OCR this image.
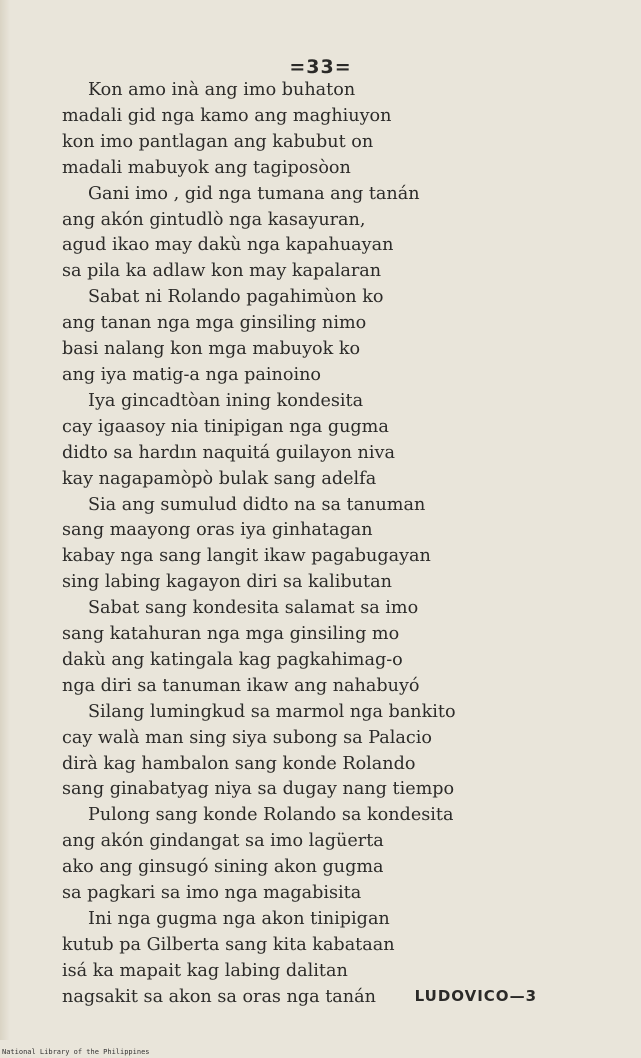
=33=
Kon amo inà ang imo buhaton
madali gid nga kamo ang maghiuyon
kon imo pantlagan ang kabubut on
madali mabuyok ang tagiposòon
Gani imo , gid nga tumana ang tanán
ang akón gintudlò nga kasayuran,
agud ikao may dakù nga kapahuayan
sa pila ka adlaw kon may kapalaran
Sabat ni Rolando pagahimùon ko
ang tanan nga mga ginsiling nimo
basi nalang kon mga mabuyok ko
ang iya matig-a nga painoino
Iya gincadtòan ining kondesita
cay igaasoy nia tinipigan nga gugma
didto sa hardın naquitá guilayon niva
kay nagapamòpò bulak sang adelfa
Sia ang sumulud didto na sa tanuman
sang maayong oras iya ginhatagan
kabay nga sang langit ikaw pagabugayan
sing labing kagayon diri sa kalibutan
Sabat sang kondesita salamat sa imo
sang katahuran nga mga ginsiling mo
dakù ang katingala kag pagkahimag-o
nga diri sa tanuman ikaw ang nahabuyó
Silang lumingkud sa marmol nga bankito
cay walà man sing siya subong sa Palacio
dirà kag hambalon sang konde Rolando
sang ginabatyag niya sa dugay nang tiempo
Pulong sang konde Rolando sa kondesita
ang akón gindangat sa imo lagüerta
ako ang ginsugó sining akon gugma
sa pagkari sa imo nga magabisita
Ini nga gugma nga akon tinipigan
kutub pa Gilberta sang kita kabataan
isá ka mapait kag labing dalitan
nagsakit sa akon sa oras nga tanán	LUDOVICO—3
National Library of the Philippines
